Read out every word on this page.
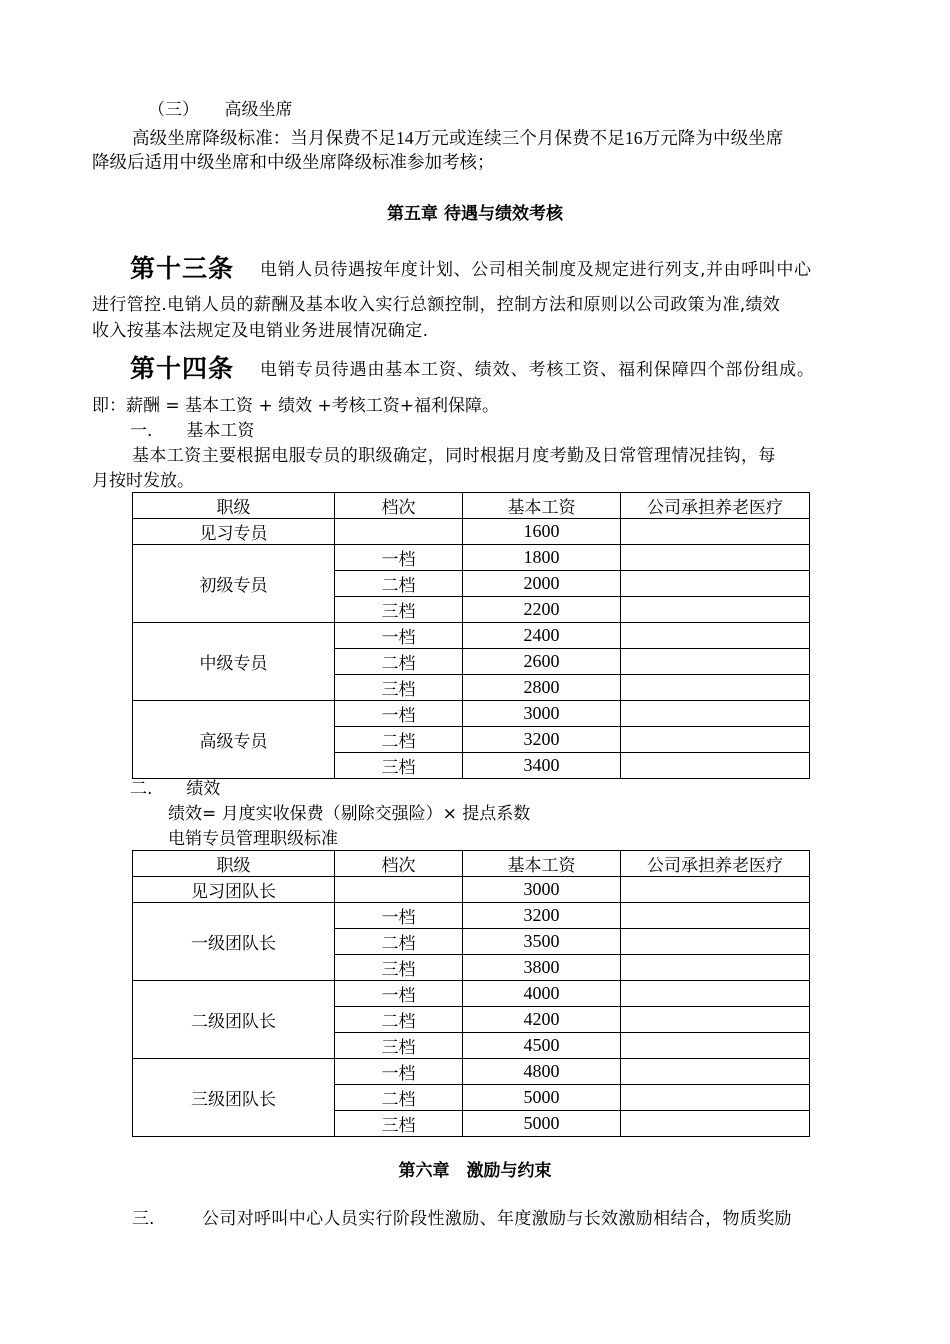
（三）　　高级坐席
高级坐席降级标准：当月保费不足14万元或连续三个月保费不足16万元降为中级坐席
降级后适用中级坐席和中级坐席降级标准参加考核；
第五章 待遇与绩效考核
第十三条 电销人员待遇按年度计划、公司相关制度及规定进行列支,并由呼叫中心
进行管控.电销人员的薪酬及基本收入实行总额控制，控制方法和原则以公司政策为准,绩效
收入按基本法规定及电销业务进展情况确定.
第十四条 电销专员待遇由基本工资、绩效、考核工资、福利保障四个部份组成。
即：薪酬 = 基本工资 + 绩效 +考核工资+福利保障。
一.　　基本工资
基本工资主要根据电服专员的职级确定，同时根据月度考勤及日常管理情况挂钩，每
月按时发放。
职级	档次	基本工资	公司承担养老医疗
见习专员		1600	
初级专员	一档	1800	
	二档	2000	
	三档	2200	
中级专员	一档	2400	
	二档	2600	
	三档	2800	
高级专员	一档	3000	
	二档	3200	
	三档	3400	
二.　　绩效
绩效= 月度实收保费（剔除交强险）× 提点系数
电销专员管理职级标准
职级	档次	基本工资	公司承担养老医疗
见习团队长		3000	
一级团队长	一档	3200	
	二档	3500	
	三档	3800	
二级团队长	一档	4000	
	二档	4200	
	三档	4500	
三级团队长	一档	4800	
	二档	5000	
	三档	5000	
第六章　激励与约束
三.	公司对呼叫中心人员实行阶段性激励、年度激励与长效激励相结合，物质奖励
